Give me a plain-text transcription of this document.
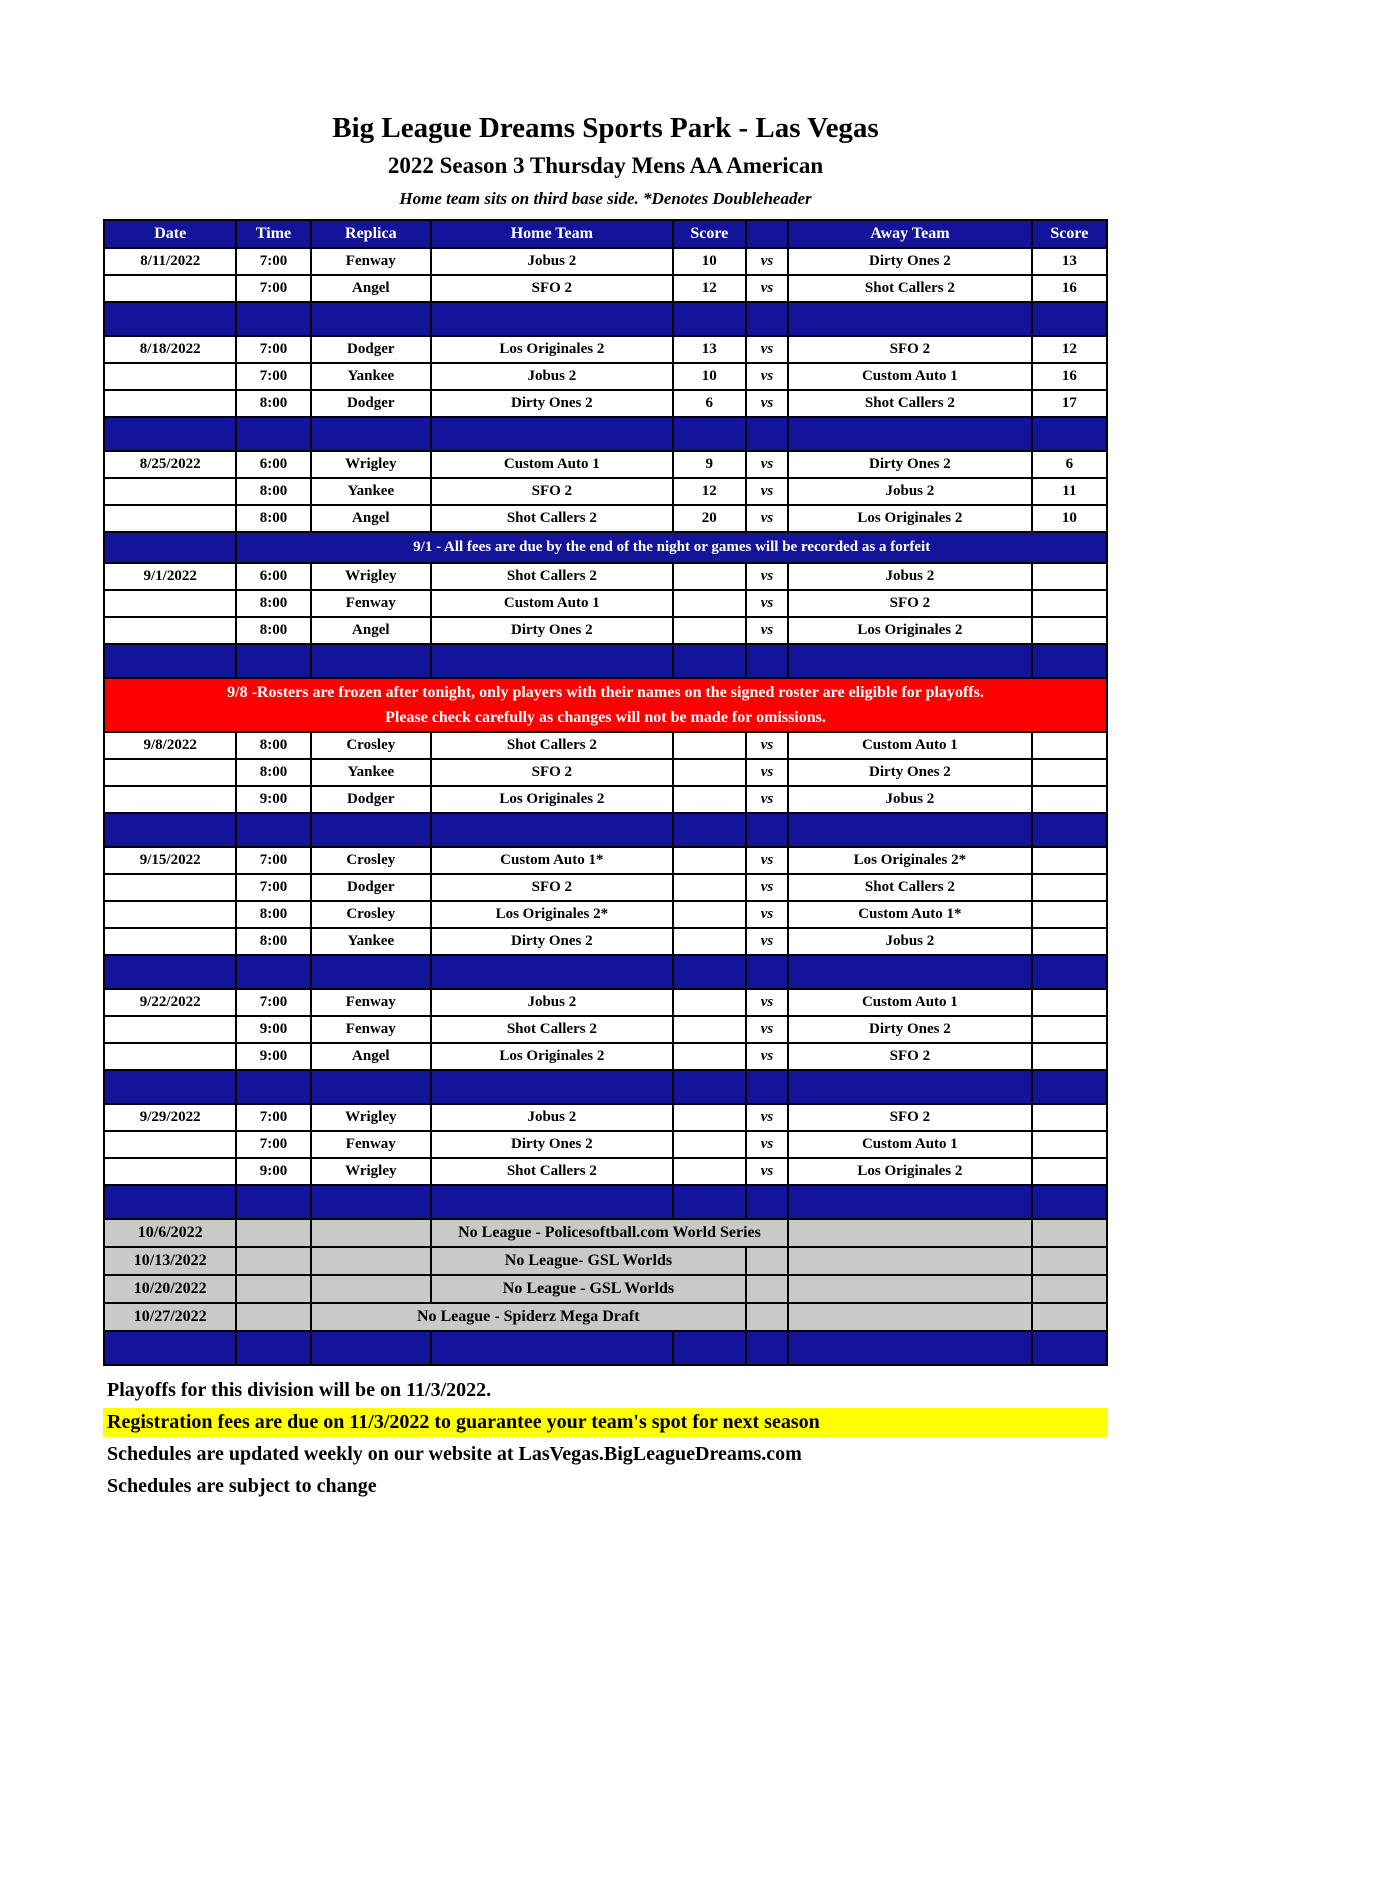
Big League Dreams Sports Park - Las Vegas
2022 Season 3 Thursday Mens AA American
Home team sits on third base side. *Denotes Doubleheader
Date	Time	Replica	Home Team	Score		Away Team	Score
8/11/2022	7:00	Fenway	Jobus 2	10	vs	Dirty Ones 2	13
	7:00	Angel	SFO 2	12	vs	Shot Callers 2	16

8/18/2022	7:00	Dodger	Los Originales 2	13	vs	SFO 2	12
	7:00	Yankee	Jobus 2	10	vs	Custom Auto 1	16
	8:00	Dodger	Dirty Ones 2	6	vs	Shot Callers 2	17

8/25/2022	6:00	Wrigley	Custom Auto 1	9	vs	Dirty Ones 2	6
	8:00	Yankee	SFO 2	12	vs	Jobus 2	11
	8:00	Angel	Shot Callers 2	20	vs	Los Originales 2	10
	9/1 - All fees are due by the end of the night or games will be recorded as a forfeit						
9/1/2022	6:00	Wrigley	Shot Callers 2		vs	Jobus 2	
	8:00	Fenway	Custom Auto 1		vs	SFO 2	
	8:00	Angel	Dirty Ones 2		vs	Los Originales 2	

9/8 -Rosters are frozen after tonight, only players with their names on the signed roster are eligible for playoffs.
Please check carefully as changes will not be made for omissions.							

9/8/2022	8:00	Crosley	Shot Callers 2		vs	Custom Auto 1	
	8:00	Yankee	SFO 2		vs	Dirty Ones 2	
	9:00	Dodger	Los Originales 2		vs	Jobus 2	

9/15/2022	7:00	Crosley	Custom Auto 1*		vs	Los Originales 2*	
	7:00	Dodger	SFO 2		vs	Shot Callers 2	
	8:00	Crosley	Los Originales 2*		vs	Custom Auto 1*	
	8:00	Yankee	Dirty Ones 2		vs	Jobus 2	

9/22/2022	7:00	Fenway	Jobus 2		vs	Custom Auto 1	
	9:00	Fenway	Shot Callers 2		vs	Dirty Ones 2	
	9:00	Angel	Los Originales 2		vs	SFO 2	

9/29/2022	7:00	Wrigley	Jobus 2		vs	SFO 2	
	7:00	Fenway	Dirty Ones 2		vs	Custom Auto 1	
	9:00	Wrigley	Shot Callers 2		vs	Los Originales 2	

10/6/2022			No League - Policesoftball.com World Series				
10/13/2022			No League- GSL Worlds				
10/20/2022			No League - GSL Worlds				
10/27/2022		No League - Spiderz Mega Draft					

Playoffs for this division will be on 11/3/2022.
Registration fees are due on 11/3/2022 to guarantee your team's spot for next season
Schedules are updated weekly on our website at LasVegas.BigLeagueDreams.com
Schedules are subject to change
